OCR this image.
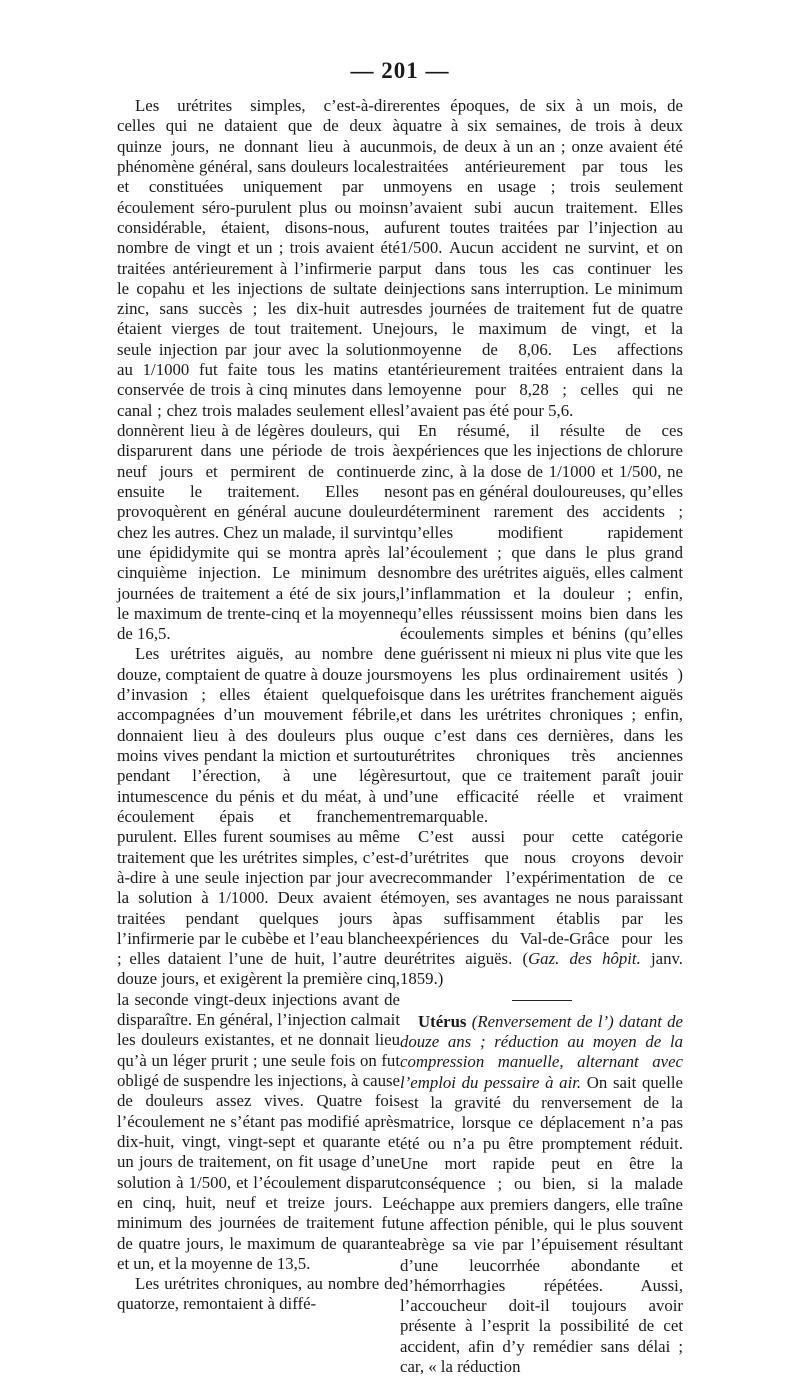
— 201 —

Les urétrites simples, c’est-à-dire celles qui ne dataient que de deux à quinze jours, ne donnant lieu à aucun phénomène général, sans douleurs locales et constituées uniquement par un écoulement séro-purulent plus ou moins considérable, étaient, disons-nous, au nombre de vingt et un ; trois avaient été traitées antérieurement à l’infirmerie par le copahu et les injections de sultate de zinc, sans succès ; les dix-huit autres étaient vierges de tout traitement. Une seule injection par jour avec la solution au 1/1000 fut faite tous les matins et conservée de trois à cinq minutes dans le canal ; chez trois malades seulement elles donnèrent lieu à de légères douleurs, qui disparurent dans une période de trois à neuf jours et permirent de continuer ensuite le traitement. Elles ne provoquèrent en général aucune douleur chez les autres. Chez un malade, il survint une épididymite qui se montra après la cinquième injection. Le minimum des journées de traitement a été de six jours, le maximum de trente-cinq et la moyenne de 16,5.

Les urétrites aiguës, au nombre de douze, comptaient de quatre à douze jours d’invasion ; elles étaient quelquefois accompagnées d’un mouvement fébrile, donnaient lieu à des douleurs plus ou moins vives pendant la miction et surtout pendant l’érection, à une légère intumescence du pénis et du méat, à un écoulement épais et franchement purulent. Elles furent soumises au même traitement que les urétrites simples, c’est-à-dire à une seule injection par jour avec la solution à 1/1000. Deux avaient été traitées pendant quelques jours à l’infirmerie par le cubèbe et l’eau blanche ; elles dataient l’une de huit, l’autre de douze jours, et exigèrent la première cinq, la seconde vingt-deux injections avant de disparaître. En général, l’injection calmait les douleurs existantes, et ne donnait lieu qu’à un léger prurit ; une seule fois on fut obligé de suspendre les injections, à cause de douleurs assez vives. Quatre fois l’écoulement ne s’étant pas modifié après dix-huit, vingt, vingt-sept et quarante et un jours de traitement, on fit usage d’une solution à 1/500, et l’écoulement disparut en cinq, huit, neuf et treize jours. Le minimum des journées de traitement fut de quatre jours, le maximum de quarante et un, et la moyenne de 13,5.

Les urétrites chroniques, au nombre de quatorze, remontaient à diffé-

rentes époques, de six à un mois, de quatre à six semaines, de trois à deux mois, de deux à un an ; onze avaient été traitées antérieurement par tous les moyens en usage ; trois seulement n’avaient subi aucun traitement. Elles furent toutes traitées par l’injection au 1/500. Aucun accident ne survint, et on put dans tous les cas continuer les injections sans interruption. Le minimum des journées de traitement fut de quatre jours, le maximum de vingt, et la moyenne de 8,06. Les affections antérieurement traitées entraient dans la moyenne pour 8,28 ; celles qui ne l’avaient pas été pour 5,6.

En résumé, il résulte de ces expériences que les injections de chlorure de zinc, à la dose de 1/1000 et 1/500, ne sont pas en général douloureuses, qu’elles déterminent rarement des accidents ; qu’elles modifient rapidement l’écoulement ; que dans le plus grand nombre des urétrites aiguës, elles calment l’inflammation et la douleur ; enfin, qu’elles réussissent moins bien dans les écoulements simples et bénins (qu’elles ne guérissent ni mieux ni plus vite que les moyens les plus ordinairement usités ) que dans les urétrites franchement aiguës et dans les urétrites chroniques ; enfin, que c’est dans ces dernières, dans les urétrites chroniques très anciennes surtout, que ce traitement paraît jouir d’une efficacité réelle et vraiment remarquable.

C’est aussi pour cette catégorie d’urétrites que nous croyons devoir recommander l’expérimentation de ce moyen, ses avantages ne nous paraissant pas suffisamment établis par les expériences du Val-de-Grâce pour les urétrites aiguës. (Gaz. des hôpit. janv. 1859.)

Utérus (Renversement de l’) datant de douze ans ; réduction au moyen de la compression manuelle, alternant avec l’emploi du pessaire à air. On sait quelle est la gravité du renversement de la matrice, lorsque ce déplacement n’a pas été ou n’a pu être promptement réduit. Une mort rapide peut en être la conséquence ; ou bien, si la malade échappe aux premiers dangers, elle traîne une affection pénible, qui le plus souvent abrège sa vie par l’épuisement résultant d’une leucorrhée abondante et d’hémorrhagies répétées. Aussi, l’accoucheur doit-il toujours avoir présente à l’esprit la possibilité de cet accident, afin d’y remédier sans délai ; car, « la réduction
